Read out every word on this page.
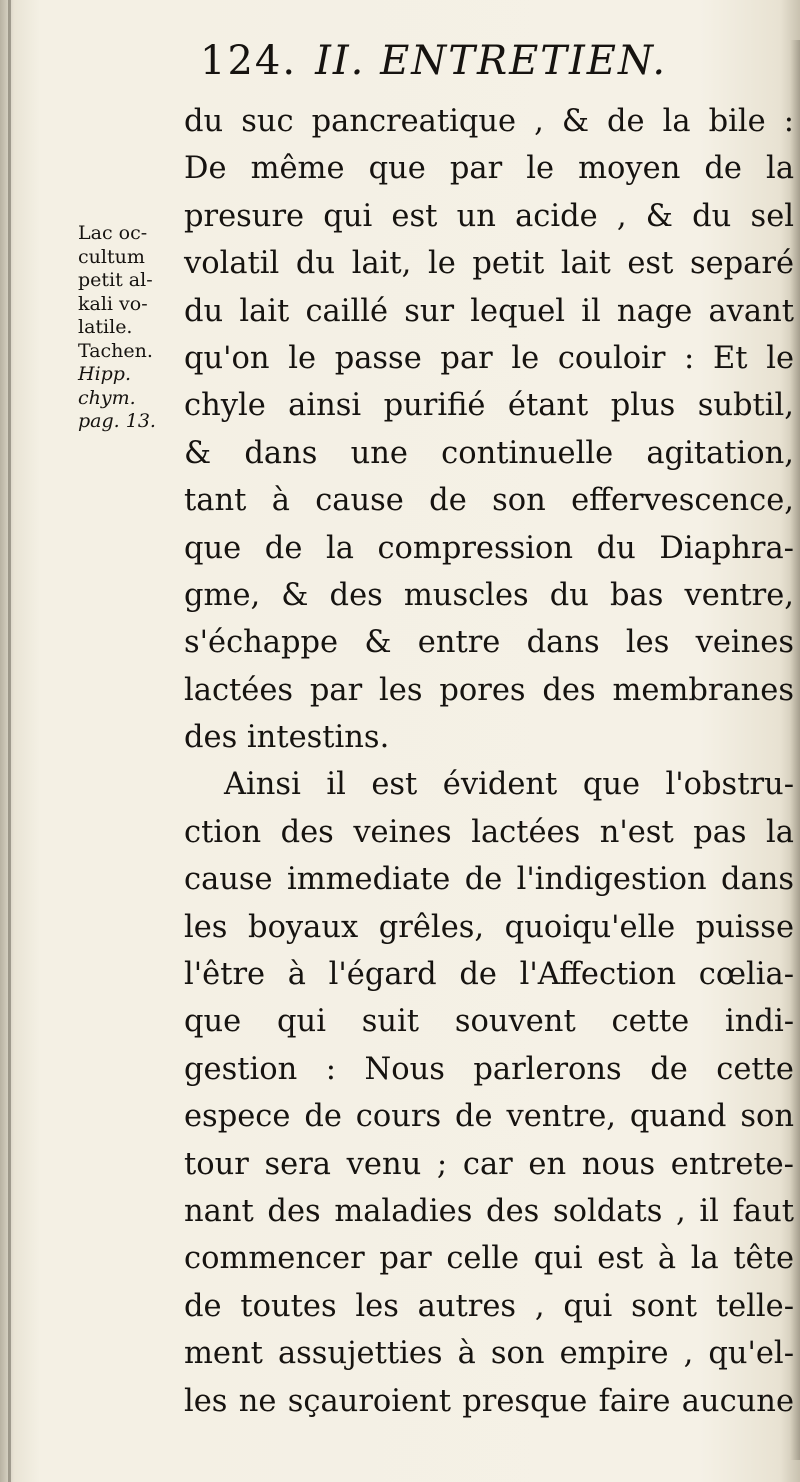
124. II. ENTRETIEN.
Lac oc-
cultum
petit al-
kali vo-
latile.
Tachen.
Hipp.
chym.
pag. 13.
du suc pancreatique , & de la bile :
De même que par le moyen de la
presure qui est un acide , & du sel
volatil du lait, le petit lait est separé
du lait caillé sur lequel il nage avant
qu'on le passe par le couloir : Et le
chyle ainsi purifié étant plus subtil,
& dans une continuelle agitation,
tant à cause de son effervescence,
que de la compression du Diaphra-
gme, & des muscles du bas ventre,
s'échappe & entre dans les veines
lactées par les pores des membranes
des intestins.
Ainsi il est évident que l'obstru-
ction des veines lactées n'est pas la
cause immediate de l'indigestion dans
les boyaux grêles, quoiqu'elle puisse
l'être à l'égard de l'Affection cœlia-
que qui suit souvent cette indi-
gestion : Nous parlerons de cette
espece de cours de ventre, quand son
tour sera venu ; car en nous entrete-
nant des maladies des soldats , il faut
commencer par celle qui est à la tête
de toutes les autres , qui sont telle-
ment assujetties à son empire , qu'el-
les ne sçauroient presque faire aucune
